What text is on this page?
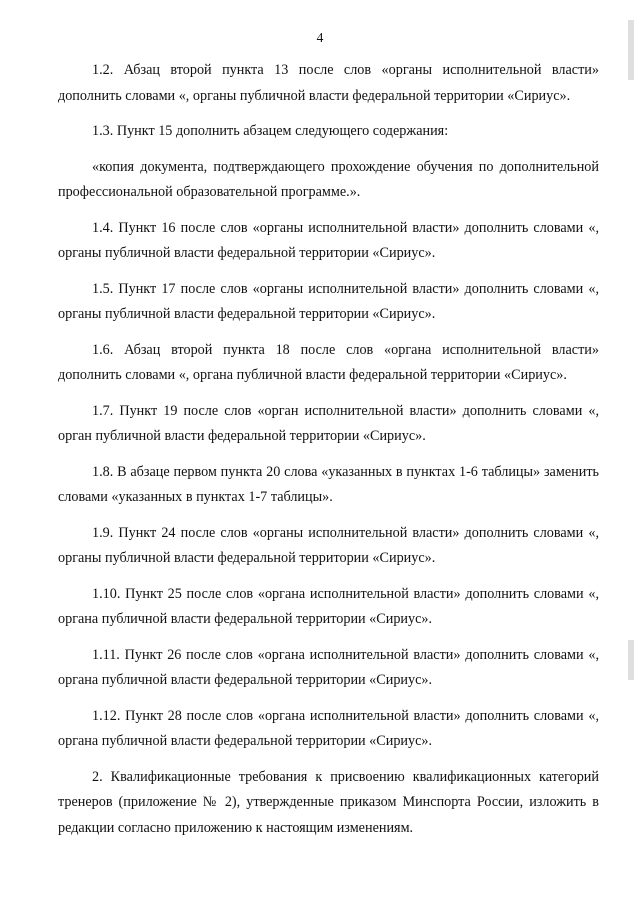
4

1.2. Абзац второй пункта 13 после слов «органы исполнительной власти» дополнить словами «, органы публичной власти федеральной территории «Сириус».

1.3. Пункт 15 дополнить абзацем следующего содержания:

«копия документа, подтверждающего прохождение обучения по дополнительной профессиональной образовательной программе.».

1.4. Пункт 16 после слов «органы исполнительной власти» дополнить словами «, органы публичной власти федеральной территории «Сириус».

1.5. Пункт 17 после слов «органы исполнительной власти» дополнить словами «, органы публичной власти федеральной территории «Сириус».

1.6. Абзац второй пункта 18 после слов «органа исполнительной власти» дополнить словами «, органа публичной власти федеральной территории «Сириус».

1.7. Пункт 19 после слов «орган исполнительной власти» дополнить словами «, орган публичной власти федеральной территории «Сириус».

1.8. В абзаце первом пункта 20 слова «указанных в пунктах 1-6 таблицы» заменить словами «указанных в пунктах 1-7 таблицы».

1.9. Пункт 24 после слов «органы исполнительной власти» дополнить словами «, органы публичной власти федеральной территории «Сириус».

1.10. Пункт 25 после слов «органа исполнительной власти» дополнить словами «, органа публичной власти федеральной территории «Сириус».

1.11. Пункт 26 после слов «органа исполнительной власти» дополнить словами «, органа публичной власти федеральной территории «Сириус».

1.12. Пункт 28 после слов «органа исполнительной власти» дополнить словами «, органа публичной власти федеральной территории «Сириус».

2. Квалификационные требования к присвоению квалификационных категорий тренеров (приложение № 2), утвержденные приказом Минспорта России, изложить в редакции согласно приложению к настоящим изменениям.
